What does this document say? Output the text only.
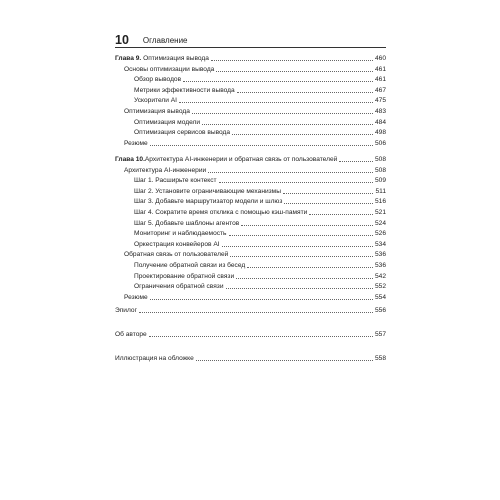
10 Оглавление
Глава 9. Оптимизация вывода	460
Основы оптимизации вывода	461
Обзор выводов	461
Метрики эффективности вывода	467
Ускорители AI	475
Оптимизация вывода	483
Оптимизация модели	484
Оптимизация сервисов вывода	498
Резюме	506
Глава 10.Архитектура AI-инженерии и обратная связь от пользователей	508
Архитектура AI-инженерии	508
Шаг 1. Расширьте контекст	509
Шаг 2. Установите ограничивающие механизмы	511
Шаг 3. Добавьте маршрутизатор модели и шлюз	516
Шаг 4. Сократите время отклика с помощью кэш-памяти	521
Шаг 5. Добавьте шаблоны агентов	524
Мониторинг и наблюдаемость	526
Оркестрация конвейеров AI	534
Обратная связь от пользователей	536
Получение обратной связи из бесед	536
Проектирование обратной связи	542
Ограничения обратной связи	552
Резюме	554
Эпилог	556
Об авторе	557
Иллюстрация на обложке	558
